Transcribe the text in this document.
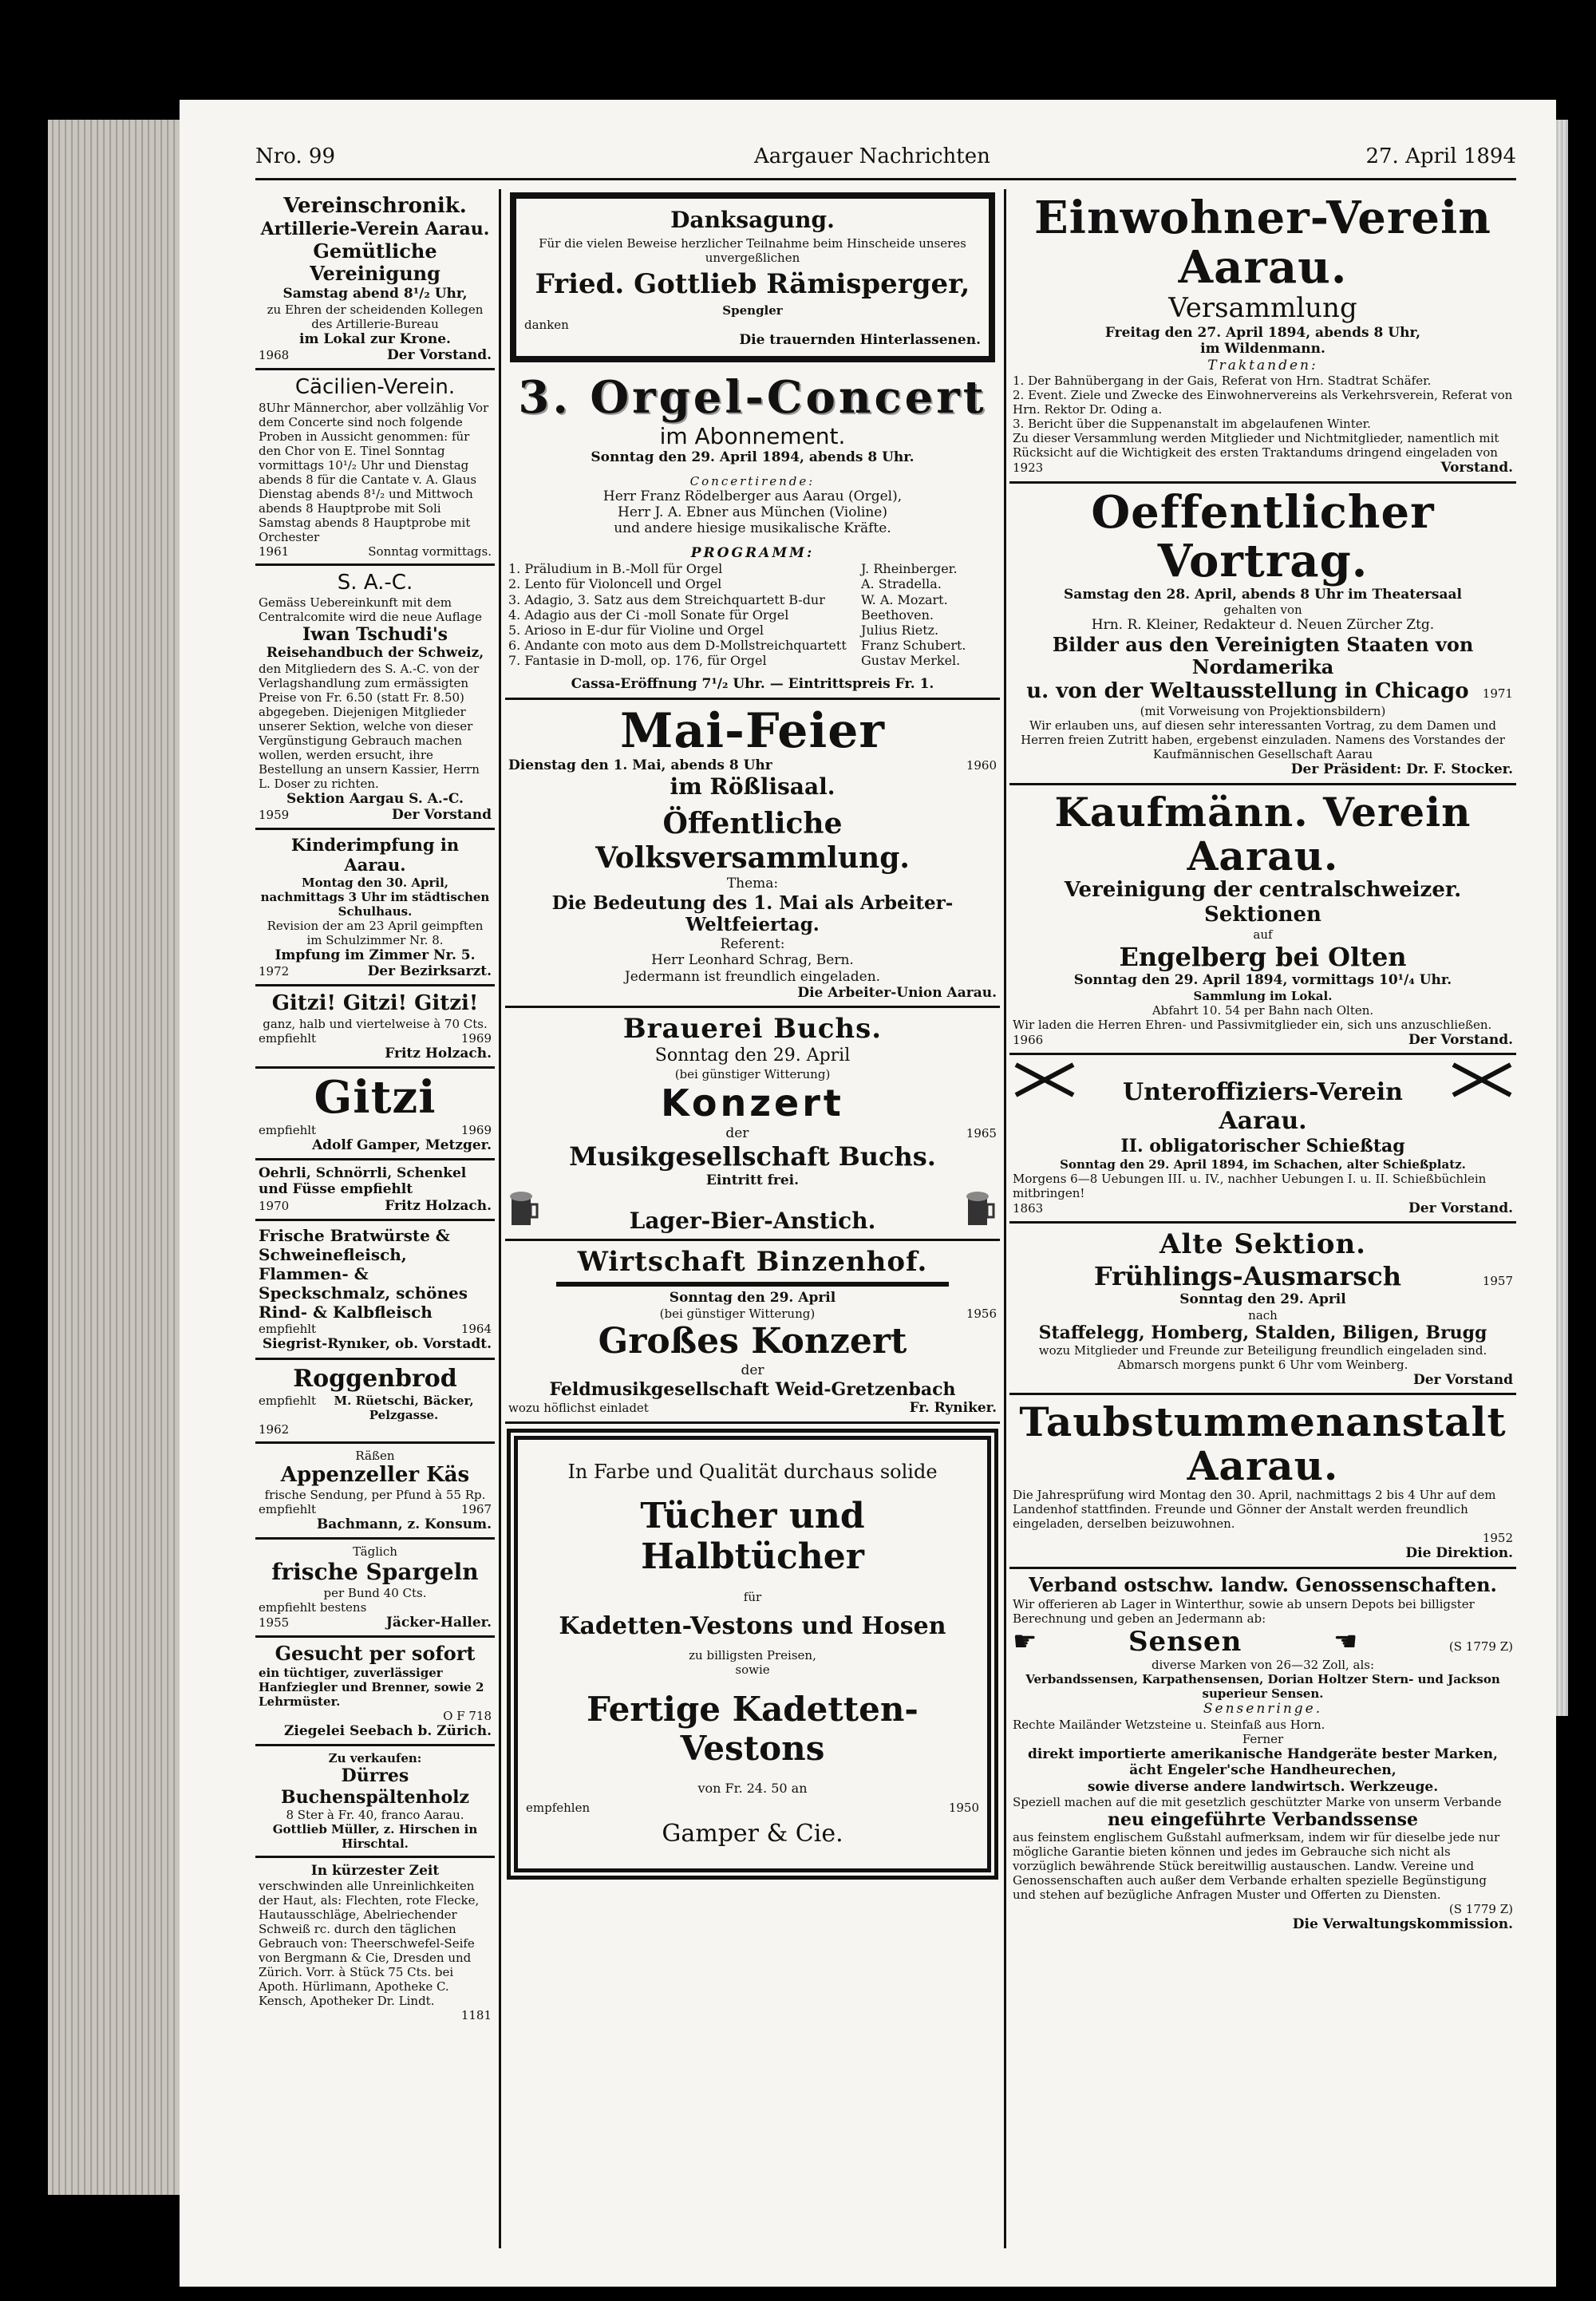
Nro. 99	Aargauer Nachrichten	27. April 1894

Vereinschronik.

Artillerie-Verein Aarau.

Gemütliche Vereinigung

Samstag abend 8¹/₂ Uhr,

zu Ehren der scheidenden Kollegen des Artillerie-Bureau

im Lokal zur Krone.

1968	Der Vorstand.

Cäcilien-Verein.

8Uhr Männerchor, aber vollzählig Vor dem Concerte sind noch folgende Proben in Aussicht genommen: für den Chor von E. Tinel Sonntag vormittags 10¹/₂ Uhr und Dienstag abends 8 für die Cantate v. A. Glaus Dienstag abends 8¹/₂ und Mittwoch abends 8 Hauptprobe mit Soli Samstag abends 8 Hauptprobe mit Orchester

1961	Sonntag vormittags.

S. A.-C.

Gemäss Uebereinkunft mit dem Centralcomite wird die neue Auflage

Iwan Tschudi's

Reisehandbuch der Schweiz,

den Mitgliedern des S. A.-C. von der Verlagshandlung zum ermässigten Preise von Fr. 6.50 (statt Fr. 8.50) abgegeben. Diejenigen Mitglieder unserer Sektion, welche von dieser Vergünstigung Gebrauch machen wollen, werden ersucht, ihre Bestellung an unsern Kassier, Herrn L. Doser zu richten.

Sektion Aargau S. A.-C.

1959	Der Vorstand

Kinderimpfung in Aarau.

Montag den 30. April, nachmittags 3 Uhr im städtischen Schulhaus.

Revision der am 23 April geimpften im Schulzimmer Nr. 8.

Impfung im Zimmer Nr. 5.

1972	Der Bezirksarzt.

Gitzi! Gitzi! Gitzi!

ganz, halb und viertelweise à 70 Cts.

empfiehlt	1969

Fritz Holzach.

Gitzi

empfiehlt	1969

Adolf Gamper, Metzger.

Oehrli, Schnörrli, Schenkel und Füsse empfiehlt

1970	Fritz Holzach.

Frische Bratwürste & Schweinefleisch, Flammen- & Speckschmalz, schönes Rind- & Kalbfleisch

empfiehlt	1964

Siegrist-Rynıker, ob. Vorstadt.

Roggenbrod

empfiehlt	M. Rüetschi, Bäcker, Pelzgasse.

1962

Räßen

Appenzeller Käs

frische Sendung, per Pfund à 55 Rp.

empfiehlt	1967

Bachmann, z. Konsum.

Täglich

frische Spargeln

per Bund 40 Cts.

empfiehlt bestens

1955	Jäcker-Haller.

Gesucht per sofort

ein tüchtiger, zuverlässiger Hanfziegler und Brenner, sowie 2 Lehrmüster.

O F 718

Ziegelei Seebach b. Zürich.

Zu verkaufen:

Dürres Buchenspältenholz

8 Ster à Fr. 40, franco Aarau.

Gottlieb Müller, z. Hirschen in Hirschtal.

In kürzester Zeit

verschwinden alle Unreinlichkeiten der Haut, als: Flechten, rote Flecke, Hautausschläge, Abelriechender Schweiß rc. durch den täglichen Gebrauch von: Theerschwefel-Seife von Bergmann & Cie, Dresden und Zürich. Vorr. à Stück 75 Cts. bei Apoth. Hürlimann, Apotheke C. Kensch, Apotheker Dr. Lindt.

1181

Danksagung.

Für die vielen Beweise herzlicher Teilnahme beim Hinscheide unseres unvergeßlichen

Fried. Gottlieb Rämisperger,

Spengler

danken

Die trauernden Hinterlassenen.

3. Orgel-Concert

im Abonnement.

Sonntag den 29. April 1894, abends 8 Uhr.

Concertirende:

Herr Franz Rödelberger aus Aarau (Orgel),

Herr J. A. Ebner aus München (Violine)

und andere hiesige musikalische Kräfte.

PROGRAMM:

1. Präludium in B.-Moll für Orgel	J. Rheinberger.
2. Lento für Violoncell und Orgel	A. Stradella.
3. Adagio, 3. Satz aus dem Streichquartett B-dur	W. A. Mozart.
4. Adagio aus der Ci -moll Sonate für Orgel	Beethoven.
5. Arioso in E-dur für Violine und Orgel	Julius Rietz.
6. Andante con moto aus dem D-Mollstreichquartett	Franz Schubert.
7. Fantasie in D-moll, op. 176, für Orgel	Gustav Merkel.

Cassa-Eröffnung 7¹/₂ Uhr. — Eintrittspreis Fr. 1.

Mai-Feier

Dienstag den 1. Mai, abends 8 Uhr	1960

im Rößlisaal.

Öffentliche Volksversammlung.

Thema:

Die Bedeutung des 1. Mai als Arbeiter-Weltfeiertag.

Referent:

Herr Leonhard Schrag, Bern.

Jedermann ist freundlich eingeladen.

Die Arbeiter-Union Aarau.

Brauerei Buchs.

Sonntag den 29. April

(bei günstiger Witterung)

Konzert

der	1965

Musikgesellschaft Buchs.

Eintritt frei.

Lager-Bier-Anstich.

Wirtschaft Binzenhof.

Sonntag den 29. April

(bei günstiger Witterung)	1956

Großes Konzert

der

Feldmusikgesellschaft Weid-Gretzenbach

wozu höflichst einladet	Fr. Ryniker.

In Farbe und Qualität durchaus solide

Tücher und Halbtücher

für

Kadetten-Vestons und Hosen

zu billigsten Preisen,

sowie

Fertige Kadetten-Vestons

von Fr. 24. 50 an

empfehlen	1950

Gamper & Cie.

Einwohner-Verein Aarau.

Versammlung

Freitag den 27. April 1894, abends 8 Uhr,

im Wildenmann.

Traktanden:

1. Der Bahnübergang in der Gais, Referat von Hrn. Stadtrat Schäfer.

2. Event. Ziele und Zwecke des Einwohnervereins als Verkehrsverein, Referat von Hrn. Rektor Dr. Oding a.

3. Bericht über die Suppenanstalt im abgelaufenen Winter.

Zu dieser Versammlung werden Mitglieder und Nichtmitglieder, namentlich mit Rücksicht auf die Wichtigkeit des ersten Traktandums dringend eingeladen von

1923	Vorstand.

Oeffentlicher Vortrag.

Samstag den 28. April, abends 8 Uhr im Theatersaal

gehalten von

Hrn. R. Kleiner, Redakteur d. Neuen Zürcher Ztg.

Bilder aus den Vereinigten Staaten von Nordamerika

u. von der Weltausstellung in Chicago 1971

(mit Vorweisung von Projektionsbildern)

Wir erlauben uns, auf diesen sehr interessanten Vortrag, zu dem Damen und Herren freien Zutritt haben, ergebenst einzuladen. Namens des Vorstandes der Kaufmännischen Gesellschaft Aarau

Der Präsident: Dr. F. Stocker.

Kaufmänn. Verein Aarau.

Vereinigung der centralschweizer. Sektionen

auf

Engelberg bei Olten

Sonntag den 29. April 1894, vormittags 10¹/₄ Uhr.

Sammlung im Lokal.

Abfahrt 10. 54 per Bahn nach Olten.

Wir laden die Herren Ehren- und Passivmitglieder ein, sich uns anzuschließen.

1966	Der Vorstand.
Unteroffiziers-Verein Aarau.

II. obligatorischer Schießtag

Sonntag den 29. April 1894, im Schachen, alter Schießplatz.

Morgens 6—8 Uebungen III. u. IV., nachher Uebungen I. u. II. Schießbüchlein mitbringen!

1863	Der Vorstand.

Alte Sektion.

Frühlings-Ausmarsch	1957

Sonntag den 29. April

nach

Staffelegg, Homberg, Stalden, Biligen, Brugg

wozu Mitglieder und Freunde zur Beteiligung freundlich eingeladen sind. Abmarsch morgens punkt 6 Uhr vom Weinberg.

Der Vorstand

Taubstummenanstalt Aarau.

Die Jahresprüfung wird Montag den 30. April, nachmittags 2 bis 4 Uhr auf dem Landenhof stattfinden. Freunde und Gönner der Anstalt werden freundlich eingeladen, derselben beizuwohnen.

1952

Die Direktion.

Verband ostschw. landw. Genossenschaften.

Wir offerieren ab Lager in Winterthur, sowie ab unsern Depots bei billigster Berechnung und geben an Jedermann ab:

☛	Sensen	☚	(S 1779 Z)

diverse Marken von 26—32 Zoll, als:

Verbandssensen, Karpathensensen, Dorian Holtzer Stern- und Jackson superieur Sensen.

Sensenringe.

Rechte Mailänder Wetzsteine u. Steinfaß aus Horn.

Ferner

direkt importierte amerikanische Handgeräte bester Marken,

ächt Engeler'sche Handheurechen,

sowie diverse andere landwirtsch. Werkzeuge.

Speziell machen auf die mit gesetzlich geschützter Marke von unserm Verbande

neu eingeführte Verbandssense

aus feinstem englischem Gußstahl aufmerksam, indem wir für dieselbe jede nur mögliche Garantie bieten können und jedes im Gebrauche sich nicht als vorzüglich bewährende Stück bereitwillig austauschen. Landw. Vereine und Genossenschaften auch außer dem Verbande erhalten spezielle Begünstigung und stehen auf bezügliche Anfragen Muster und Offerten zu Diensten.

(S 1779 Z)

Die Verwaltungskommission.
